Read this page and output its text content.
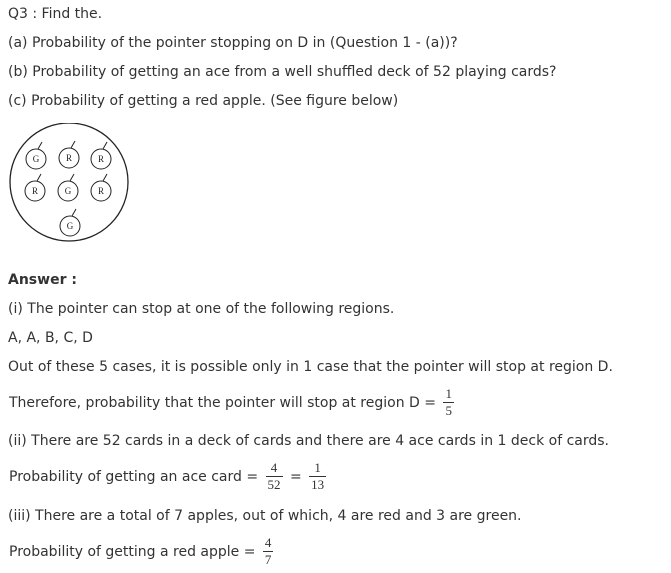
Q3 : Find the.
(a) Probability of the pointer stopping on D in (Question 1 - (a))?
(b) Probability of getting an ace from a well shuffled deck of 52 playing cards?
(c) Probability of getting a red apple. (See figure below)
G	R	R
R	G	R
G
Answer :
(i) The pointer can stop at one of the following regions.
A, A, B, C, D
Out of these 5 cases, it is possible only in 1 case that the pointer will stop at region D.
Therefore, probability that the pointer will stop at region $D = \frac{1}{5}$
(ii) There are 52 cards in a deck of cards and there are 4 ace cards in 1 deck of cards.
Probability of getting an ace card = $\frac{4}{52} = \frac{1}{13}$
(iii) There are a total of 7 apples, out of which, 4 are red and 3 are green.
Probability of getting a red apple = $\frac{4}{7}$
